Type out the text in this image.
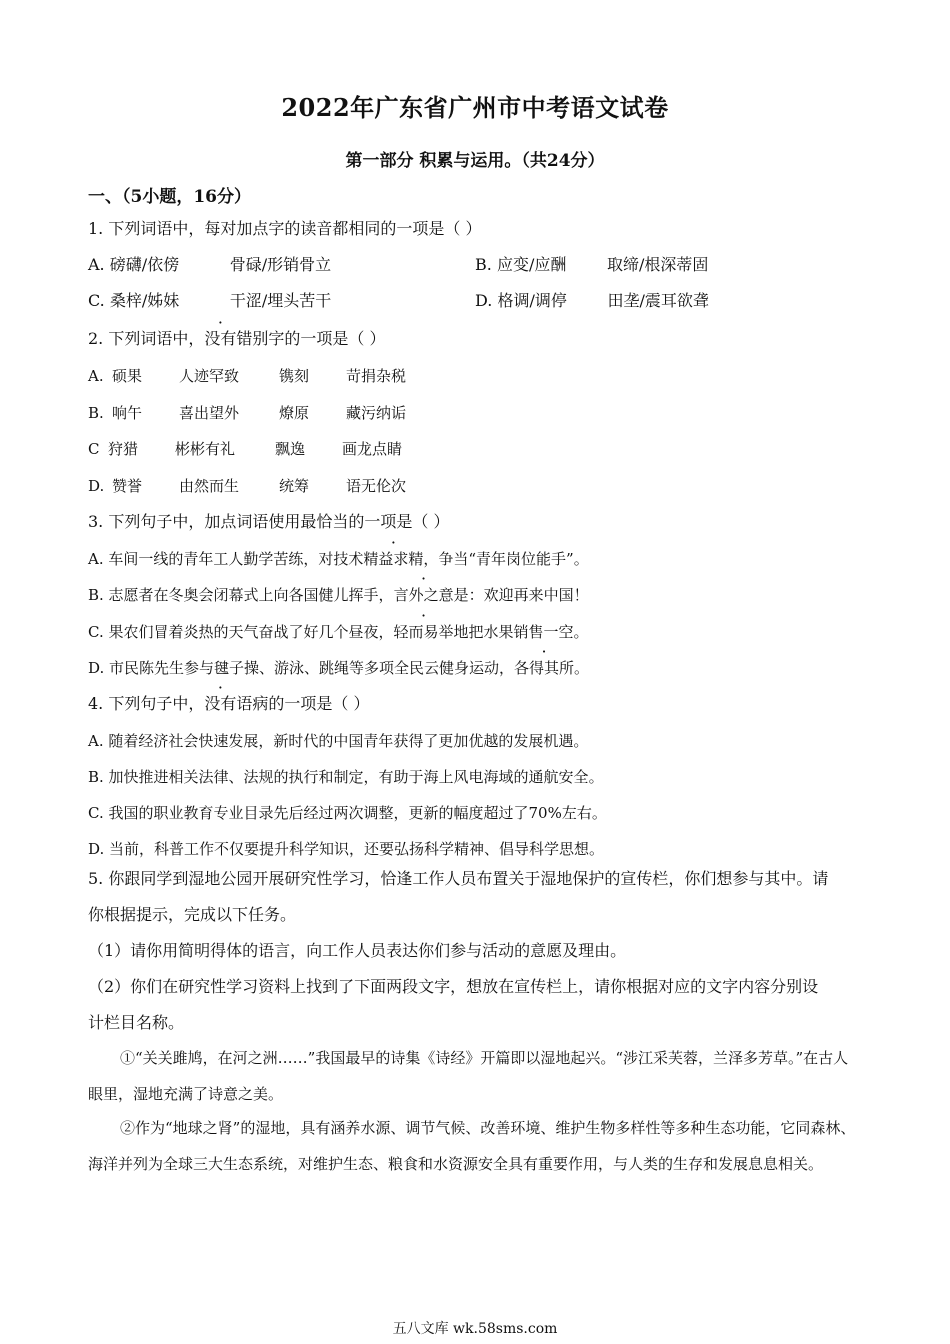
2022年广东省广州市中考语文试卷
第一部分 积累与运用。（共24分）
一、（5小题，16分）
1. 下列词语中，每对加点字的读音都相同的一项是（ ）
A. 磅礴/依傍	骨碌/形销骨立	B. 应变/应酬	取缔/根深蒂固
C. 桑梓/姊妹	干涩/埋头苦干	D. 格调/调停	田垄/震耳欲聋
2. 下列词语中，没有错别字的一项是（ ）
A. 硕果 人迹罕致	镌刻 苛捐杂税
B. 响午 喜出望外	燎原 藏污纳诟
C 狩猎 彬彬有礼	飘逸 画龙点睛
D. 赞誉 由然而生	统筹 语无伦次
3. 下列句子中，加点词语使用最恰当的一项是（ ）
A. 车间一线的青年工人勤学苦练，对技术精益求精，争当“青年岗位能手”。
B. 志愿者在冬奥会闭幕式上向各国健儿挥手，言外之意是：欢迎再来中国！
C. 果农们冒着炎热的天气奋战了好几个昼夜，轻而易举地把水果销售一空。
D. 市民陈先生参与毽子操、游泳、跳绳等多项全民云健身运动，各得其所。
4. 下列句子中，没有语病的一项是（ ）
A. 随着经济社会快速发展，新时代的中国青年获得了更加优越的发展机遇。
B. 加快推进相关法律、法规的执行和制定，有助于海上风电海域的通航安全。
C. 我国的职业教育专业目录先后经过两次调整，更新的幅度超过了70%左右。
D. 当前，科普工作不仅要提升科学知识，还要弘扬科学精神、倡导科学思想。
5. 你跟同学到湿地公园开展研究性学习，恰逢工作人员布置关于湿地保护的宣传栏，你们想参与其中。请
你根据提示，完成以下任务。
（1）请你用简明得体的语言，向工作人员表达你们参与活动的意愿及理由。
（2）你们在研究性学习资料上找到了下面两段文字，想放在宣传栏上，请你根据对应的文字内容分别设
计栏目名称。
①“关关雎鸠，在河之洲……”我国最早的诗集《诗经》开篇即以湿地起兴。“涉江采芙蓉，兰泽多芳草。”在古人眼里，湿地充满了诗意之美。
②作为“地球之肾”的湿地，具有涵养水源、调节气候、改善环境、维护生物多样性等多种生态功能，它同森林、海洋并列为全球三大生态系统，对维护生态、粮食和水资源安全具有重要作用，与人类的生存和发展息息相关。
五八文库 wk.58sms.com
